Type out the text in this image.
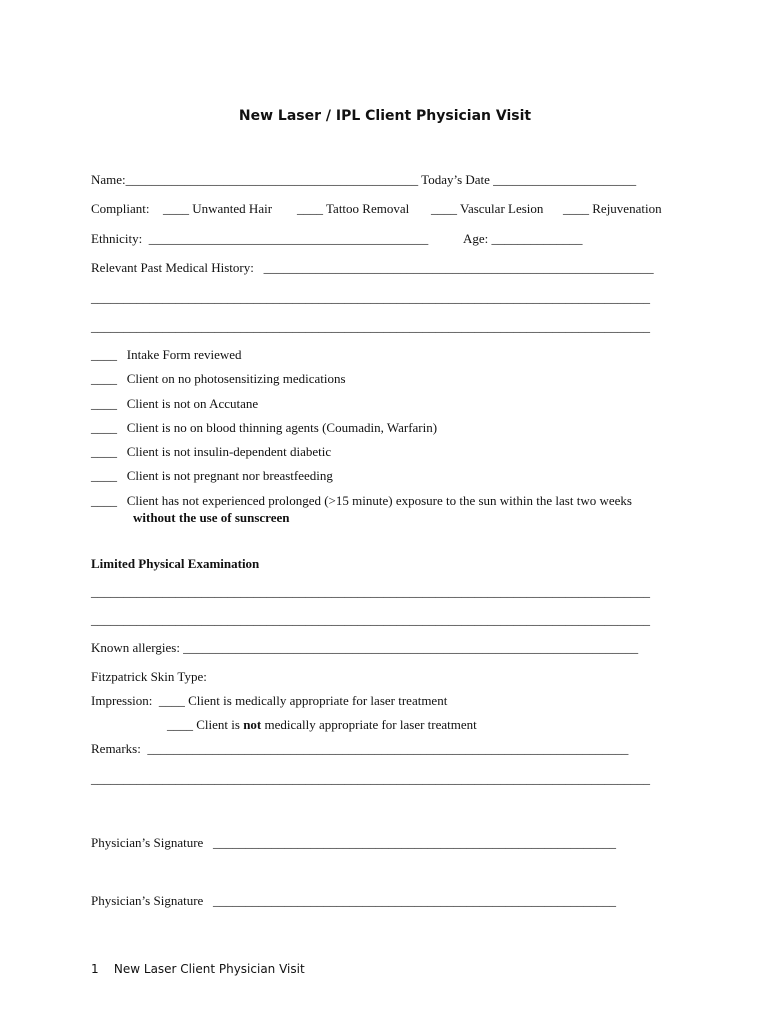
New Laser / IPL Client Physician Visit
Name:_____________________________________________ Today’s Date ______________________
Compliant: ____ Unwanted Hair ____ Tattoo Removal ____ Vascular Lesion ____ Rejuvenation
Ethnicity:  ___________________________________________	Age: ______________
Relevant Past Medical History:   ____________________________________________________________
______________________________________________________________________________________
______________________________________________________________________________________
____   Intake Form reviewed
____   Client on no photosensitizing medications
____   Client is not on Accutane
____   Client is no on blood thinning agents (Coumadin, Warfarin)
____   Client is not insulin-dependent diabetic
____   Client is not pregnant nor breastfeeding
____   Client has not experienced prolonged (>15 minute) exposure to the sun within the last two weeks
without the use of sunscreen
Limited Physical Examination
______________________________________________________________________________________
______________________________________________________________________________________
Known allergies: ______________________________________________________________________
Fitzpatrick Skin Type:
Impression:  ____ Client is medically appropriate for laser treatment
____ Client is not medically appropriate for laser treatment
Remarks:  __________________________________________________________________________
______________________________________________________________________________________
Physician’s Signature   ______________________________________________________________
Physician’s Signature   ______________________________________________________________
1    New Laser Client Physician Visit
